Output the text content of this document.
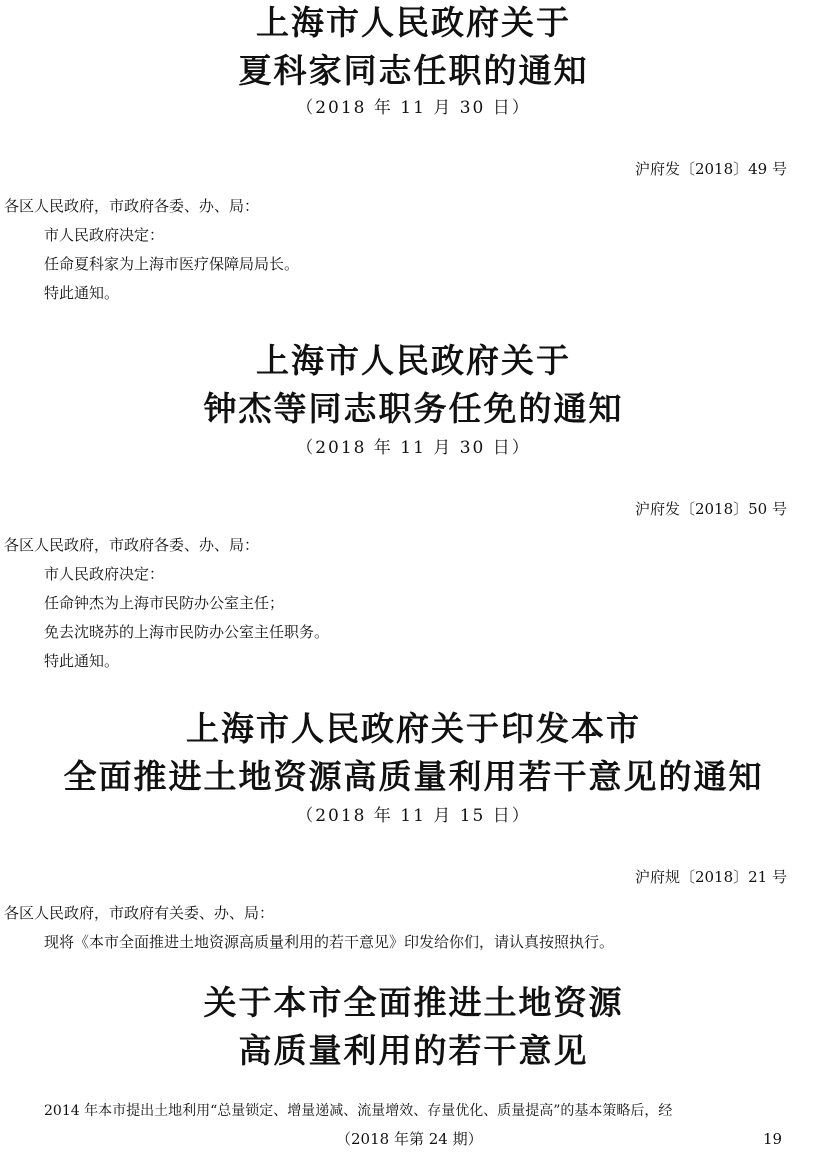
上海市人民政府关于
夏科家同志任职的通知
（2018 年 11 月 30 日）
沪府发〔2018〕49 号
各区人民政府，市政府各委、办、局：
市人民政府决定：
任命夏科家为上海市医疗保障局局长。
特此通知。
上海市人民政府关于
钟杰等同志职务任免的通知
（2018 年 11 月 30 日）
沪府发〔2018〕50 号
各区人民政府，市政府各委、办、局：
市人民政府决定：
任命钟杰为上海市民防办公室主任；
免去沈晓苏的上海市民防办公室主任职务。
特此通知。
上海市人民政府关于印发本市
全面推进土地资源高质量利用若干意见的通知
（2018 年 11 月 15 日）
沪府规〔2018〕21 号
各区人民政府，市政府有关委、办、局：
现将《本市全面推进土地资源高质量利用的若干意见》印发给你们，请认真按照执行。
关于本市全面推进土地资源
高质量利用的若干意见
2014 年本市提出土地利用“总量锁定、增量递减、流量增效、存量优化、质量提高”的基本策略后，经
（2018 年第 24 期）	19
